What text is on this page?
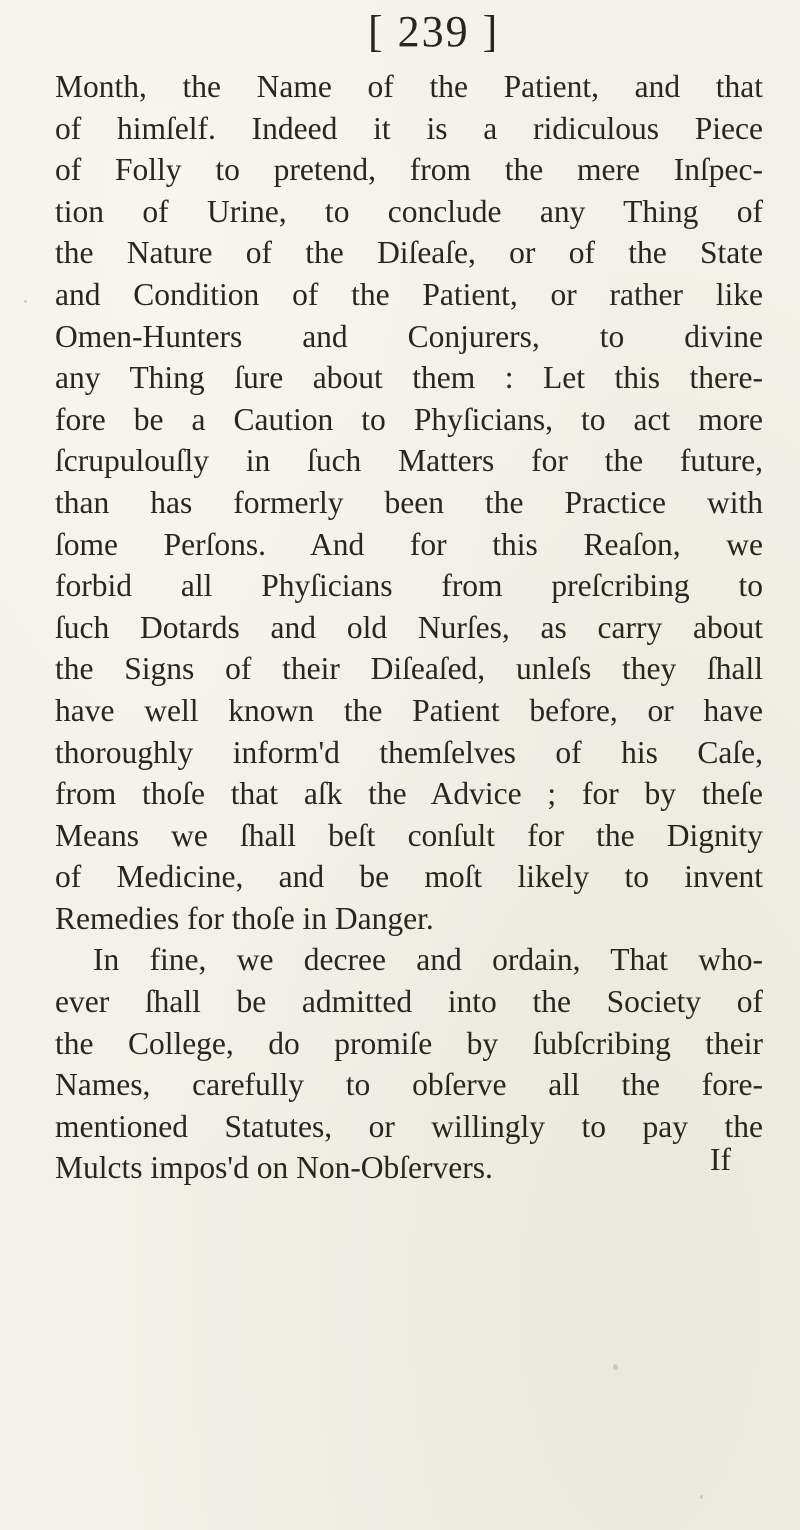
[ 239 ]
Month, the Name of the Patient, and that
of himſelf. Indeed it is a ridiculous Piece
of Folly to pretend, from the mere Inſpec-
tion of Urine, to conclude any Thing of
the Nature of the Diſeaſe, or of the State
and Condition of the Patient, or rather like
Omen-Hunters and Conjurers, to divine
any Thing ſure about them : Let this there-
fore be a Caution to Phyſicians, to act more
ſcrupulouſly in ſuch Matters for the future,
than has formerly been the Practice with
ſome Perſons. And for this Reaſon, we
forbid all Phyſicians from preſcribing to
ſuch Dotards and old Nurſes, as carry about
the Signs of their Diſeaſed, unleſs they ſhall
have well known the Patient before, or have
thoroughly inform'd themſelves of his Caſe,
from thoſe that aſk the Advice ; for by theſe
Means we ſhall beſt conſult for the Dignity
of Medicine, and be moſt likely to invent
Remedies for thoſe in Danger.
In fine, we decree and ordain, That who-
ever ſhall be admitted into the Society of
the College, do promiſe by ſubſcribing their
Names, carefully to obſerve all the fore-
mentioned Statutes, or willingly to pay the
Mulcts impos'd on Non-Obſervers.	If
